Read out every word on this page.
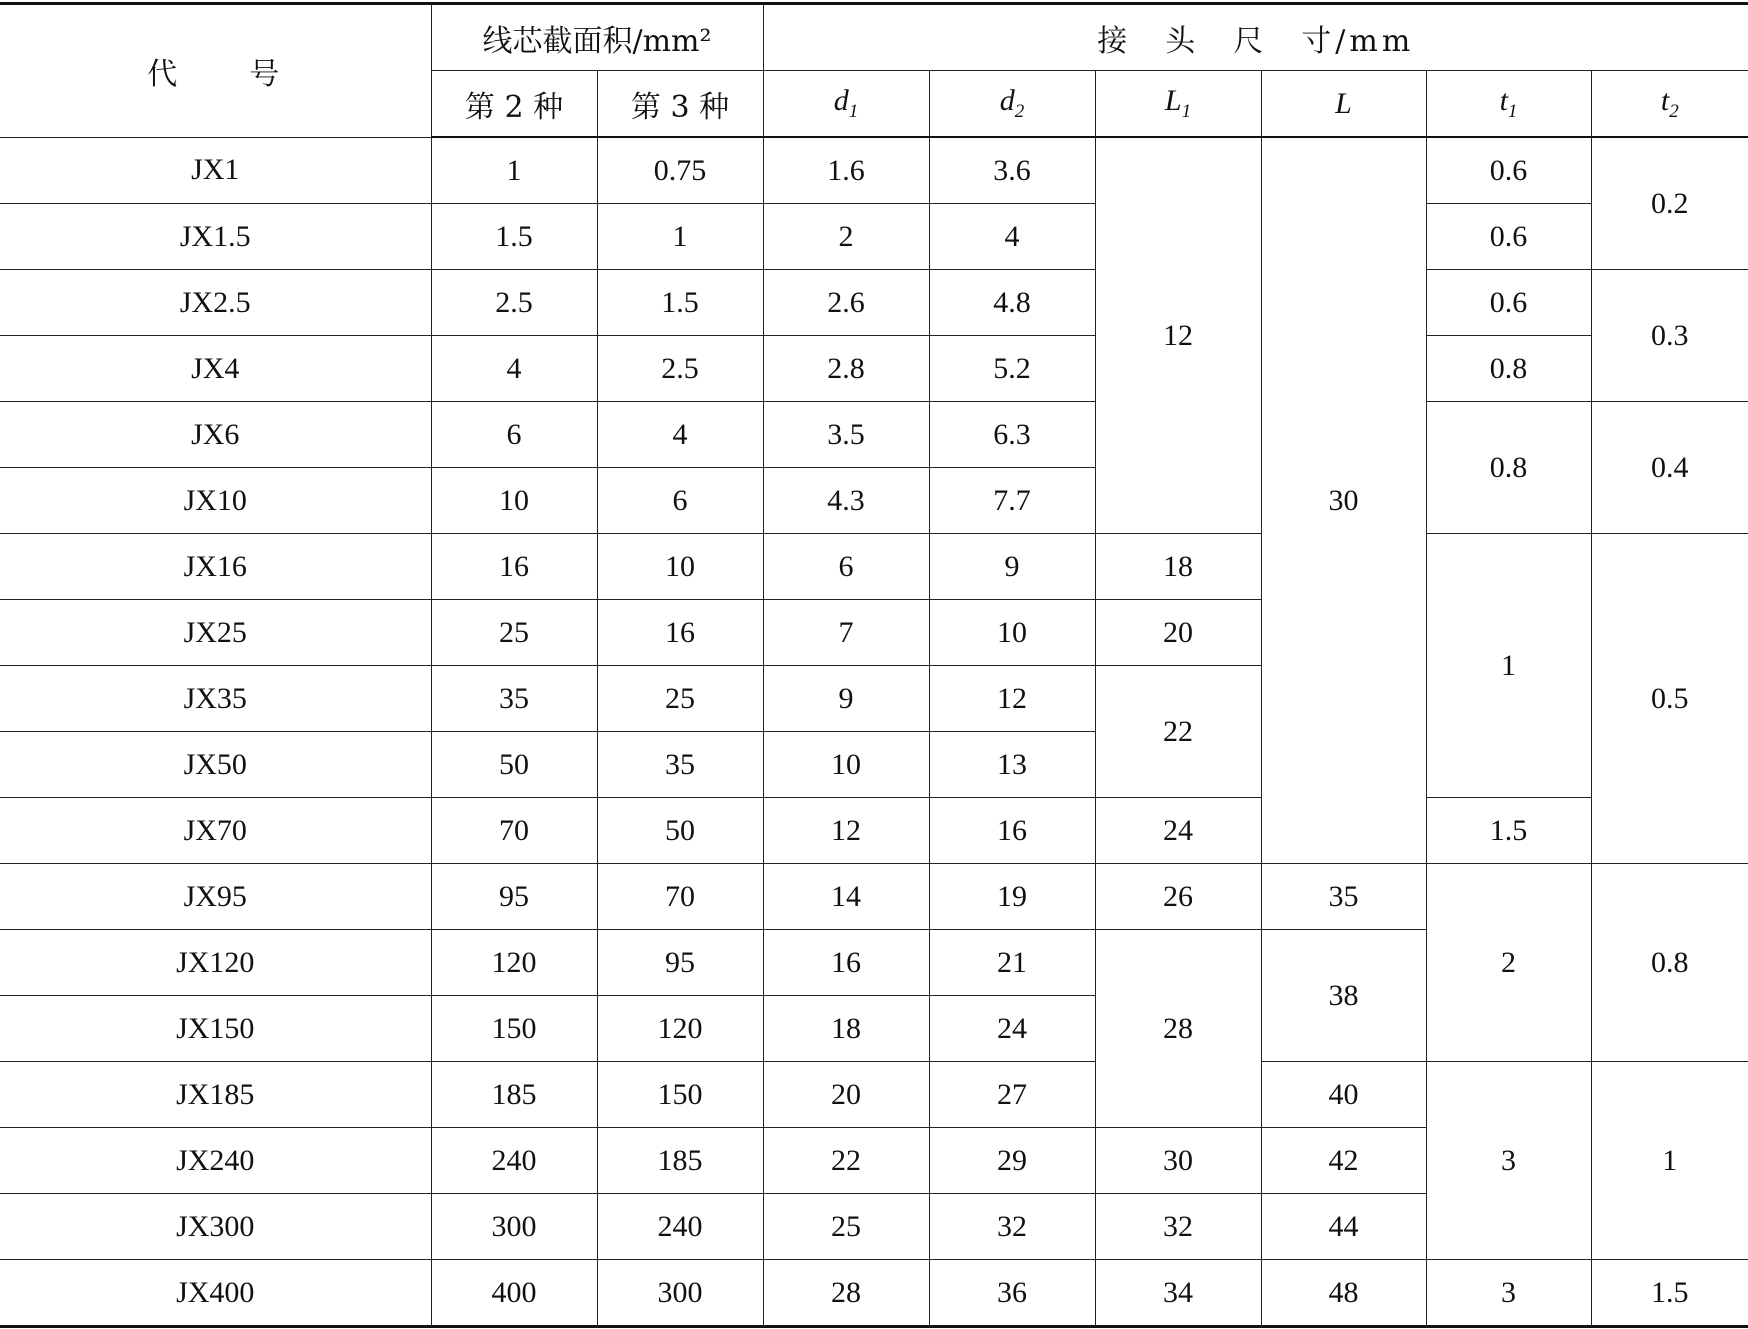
代　　号	线芯截面积/mm²		接　头　尺　寸/mm					
	第 2 种	第 3 种	$d_1$	$d_2$	$L_1$	L	$t_1$	$t_2$
JX1	1	0.75	1.6	3.6	12	30	0.6	0.2
JX1.5	1.5	1	2	4			0.6	
JX2.5	2.5	1.5	2.6	4.8			0.6	0.3
JX4	4	2.5	2.8	5.2			0.8	
JX6	6	4	3.5	6.3			0.8	0.4
JX10	10	6	4.3	7.7				
JX16	16	10	6	9	18		1	0.5
JX25	25	16	7	10	20			
JX35	35	25	9	12	22			
JX50	50	35	10	13				
JX70	70	50	12	16	24		1.5	
JX95	95	70	14	19	26	35	2	0.8
JX120	120	95	16	21	28	38		
JX150	150	120	18	24				
JX185	185	150	20	27		40	3	1
JX240	240	185	22	29	30	42		
JX300	300	240	25	32	32	44		
JX400	400	300	28	36	34	48	3	1.5
